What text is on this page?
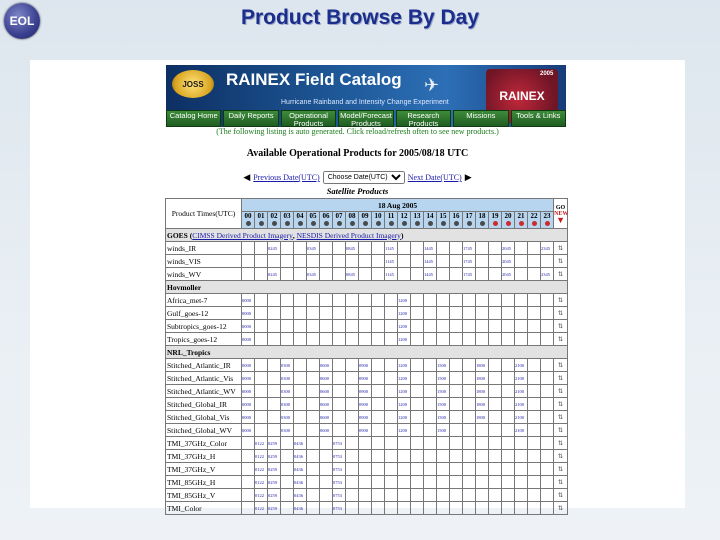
EOL	Product Browse By Day
JOSS	RAINEX Field Catalog ✈
RAINEX
2005
Hurricane Rainband and Intensity Change Experiment
Catalog Home	Daily Reports	Operational Products
Model/Forecast Products
Research Products
Missions	Tools & Links
(The following listing is auto generated. Click reload/refresh often to see new products.)
Available Operational Products for 2005/08/18 UTC
◀ Previous Date(UTC)
Choose Date(UTC)	Next Date(UTC) ▶
Satellite Products
Product Times(UTC)	18 Aug 2005																								GO
NEW
▼

	00	01	02	03	04	05	06	07	08	09	10	11	12	13	14	15	16	17	18	19	20	21	22	23	

GOES (CIMSS Derived Product Imagery, NESDIS Derived Product Imagery)																									
winds_IR			0245			0345			0845			1145			1445			1745			2045			2345	⇅
winds_VIS												1145			1445			1745			2045				⇅
winds_WV			0245			0345			0845			1145			1445			1745			2045			2345	⇅
Hovmoller																									
Africa_met-7	0000												1200												⇅
Gulf_goes-12	0000												1200												⇅
Subtropics_goes-12	0000												1200												⇅
Tropics_goes-12	0000												1200												⇅
NRL_Tropics																									
Stitched_Atlantic_IR	0000			0300			0600			0900			1200			1500			1800			2100			⇅
Stitched_Atlantic_Vis	0000			0300			0600			0900			1200			1500			1800			2100			⇅
Stitched_Atlantic_WV	0000			0300			0600			0900			1200			1500			1800			2100			⇅
Stitched_Global_IR	0000			0300			0600			0900			1200			1500			1800			2100			⇅
Stitched_Global_Vis	0000			0300			0600			0900			1200			1500			1800			2100			⇅
Stitched_Global_WV	0000			0300			0600			0900			1200			1500						2100			⇅
TMI_37GHz_Color		0122	0259		0436			0753																	⇅
TMI_37GHz_H		0122	0259		0436			0753																	⇅
TMI_37GHz_V		0122	0259		0436			0753																	⇅
TMI_85GHz_H		0122	0259		0436			0753																	⇅
TMI_85GHz_V		0122	0259		0436			0753																	⇅
TMI_Color		0122	0259		0436			0753																	⇅
